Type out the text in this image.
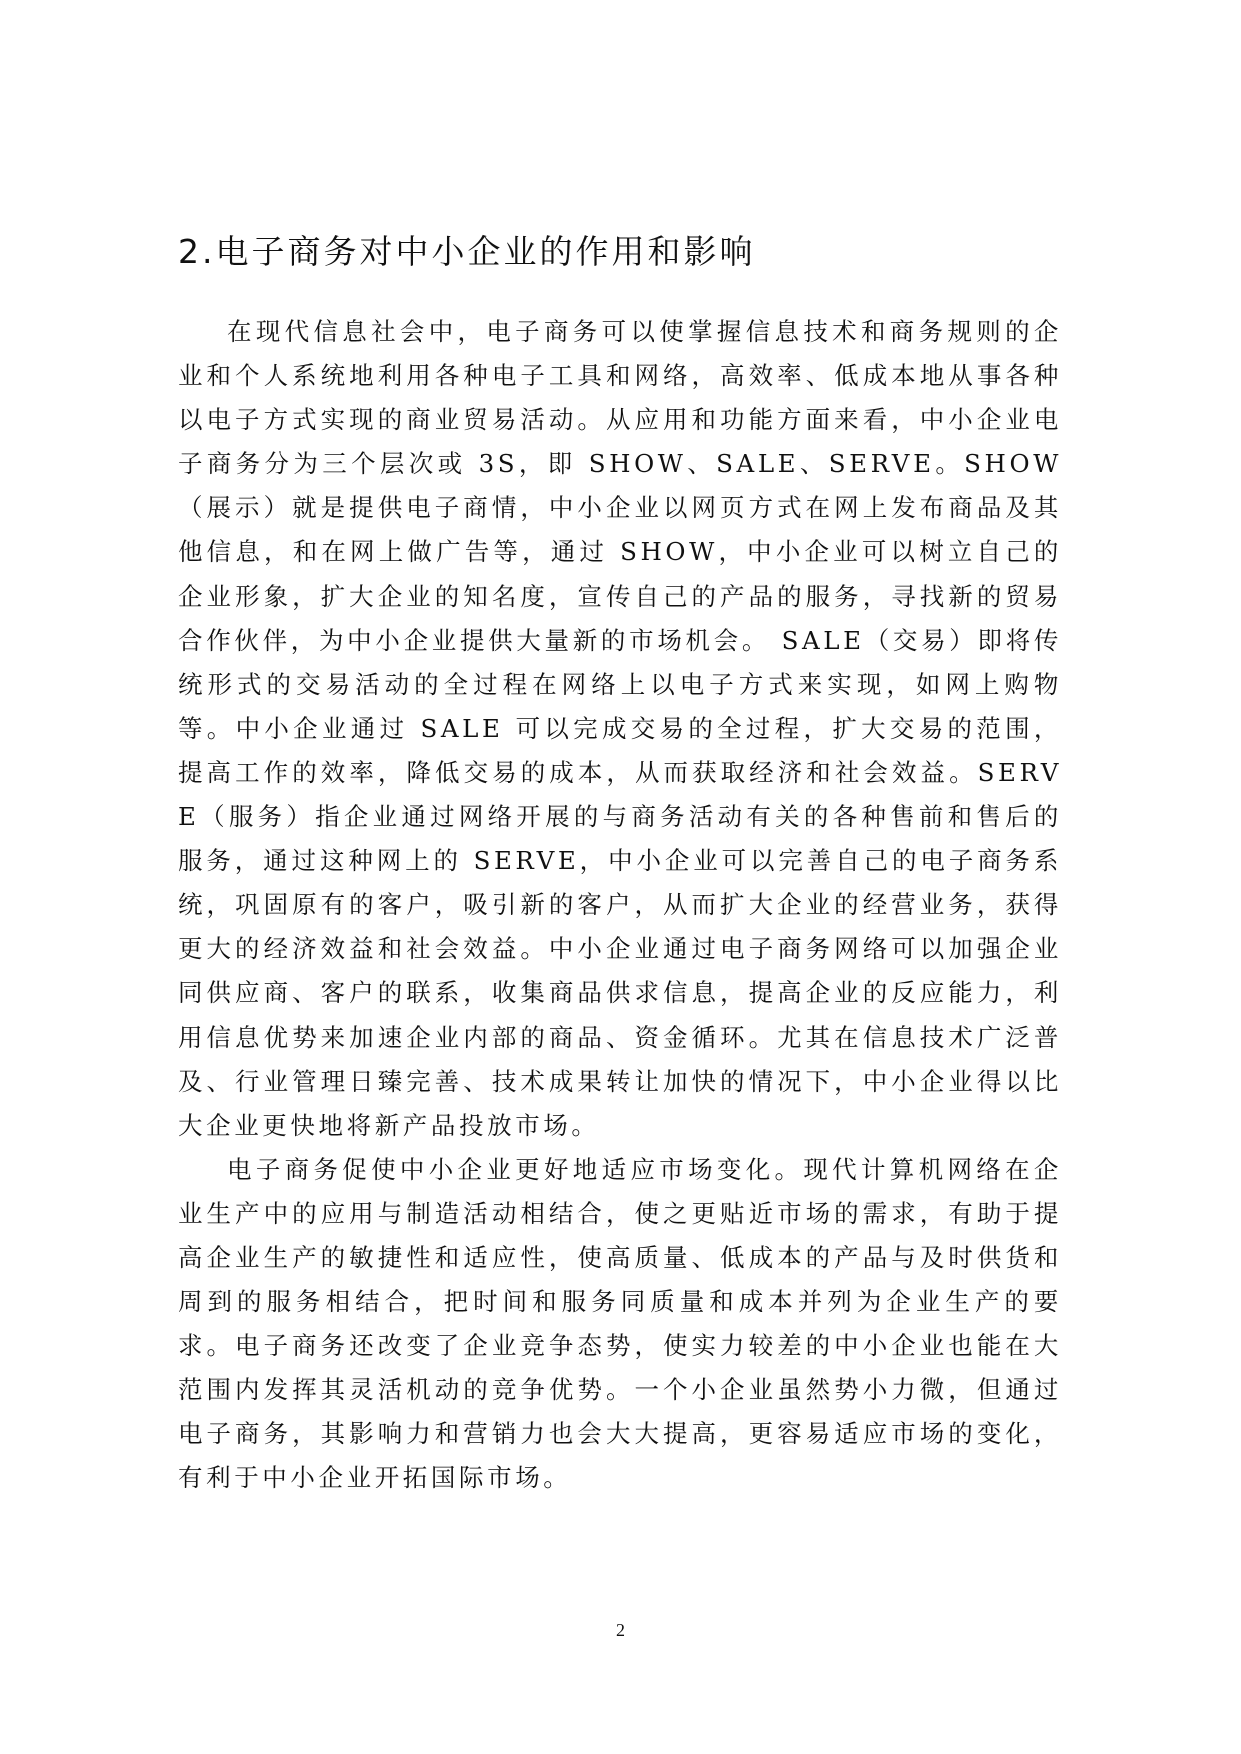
2.电子商务对中小企业的作用和影响

在现代信息社会中，电子商务可以使掌握信息技术和商务规则的企业和个人系统地利用各种电子工具和网络，高效率、低成本地从事各种以电子方式实现的商业贸易活动。从应用和功能方面来看，中小企业电子商务分为三个层次或 3S，即 SHOW、SALE、SERVE。SHOW（展示）就是提供电子商情，中小企业以网页方式在网上发布商品及其他信息，和在网上做广告等，通过 SHOW，中小企业可以树立自己的企业形象，扩大企业的知名度，宣传自己的产品的服务，寻找新的贸易合作伙伴，为中小企业提供大量新的市场机会。 SALE（交易）即将传统形式的交易活动的全过程在网络上以电子方式来实现，如网上购物等。中小企业通过 SALE 可以完成交易的全过程，扩大交易的范围，提高工作的效率，降低交易的成本，从而获取经济和社会效益。SERVE（服务）指企业通过网络开展的与商务活动有关的各种售前和售后的服务，通过这种网上的 SERVE，中小企业可以完善自己的电子商务系统，巩固原有的客户，吸引新的客户，从而扩大企业的经营业务，获得更大的经济效益和社会效益。中小企业通过电子商务网络可以加强企业同供应商、客户的联系，收集商品供求信息，提高企业的反应能力，利用信息优势来加速企业内部的商品、资金循环。尤其在信息技术广泛普及、行业管理日臻完善、技术成果转让加快的情况下，中小企业得以比大企业更快地将新产品投放市场。

电子商务促使中小企业更好地适应市场变化。现代计算机网络在企业生产中的应用与制造活动相结合，使之更贴近市场的需求，有助于提高企业生产的敏捷性和适应性，使高质量、低成本的产品与及时供货和周到的服务相结合，把时间和服务同质量和成本并列为企业生产的要求。电子商务还改变了企业竞争态势，使实力较差的中小企业也能在大范围内发挥其灵活机动的竞争优势。一个小企业虽然势小力微，但通过电子商务，其影响力和营销力也会大大提高，更容易适应市场的变化，有利于中小企业开拓国际市场。

2
